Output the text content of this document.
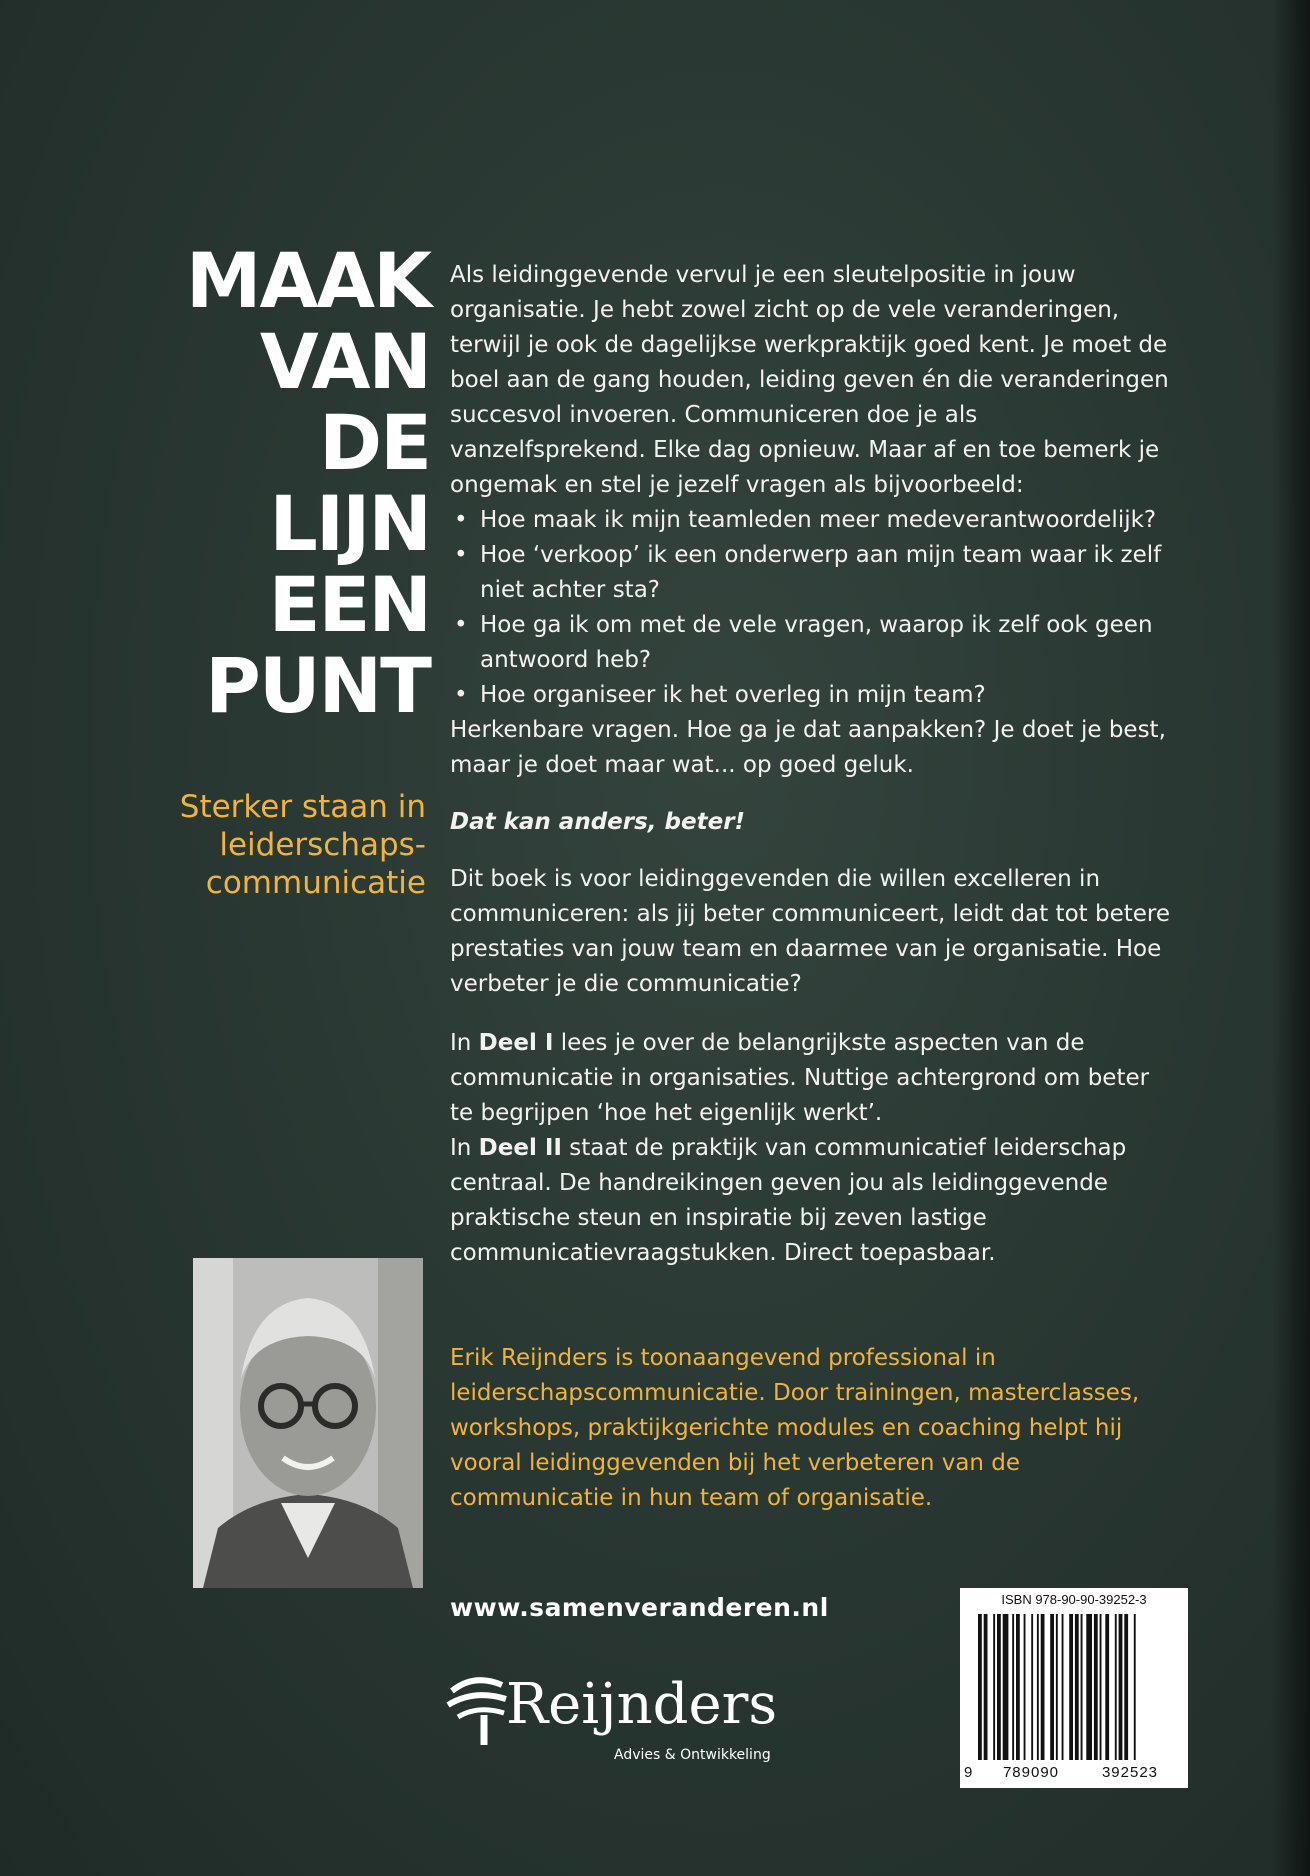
MAAK
VAN
DE
LIJN
EEN
PUNT
Sterker staan in
leiderschaps-
communicatie

Als leidinggevende vervul je een sleutelpositie in jouw organisatie. Je hebt zowel zicht op de vele veranderingen, terwijl je ook de dagelijkse werkpraktijk goed kent. Je moet de boel aan de gang houden, leiding geven én die veranderingen succesvol invoeren. Communiceren doe je als vanzelfsprekend. Elke dag opnieuw. Maar af en toe bemerk je ongemak en stel je jezelf vragen als bijvoorbeeld:

• Hoe maak ik mijn teamleden meer medeverantwoordelijk?
• Hoe ‘verkoop’ ik een onderwerp aan mijn team waar ik zelf niet achter sta?
• Hoe ga ik om met de vele vragen, waarop ik zelf ook geen antwoord heb?
• Hoe organiseer ik het overleg in mijn team?

Herkenbare vragen. Hoe ga je dat aanpakken? Je doet je best, maar je doet maar wat... op goed geluk.

Dat kan anders, beter!

Dit boek is voor leidinggevenden die willen excelleren in communiceren: als jij beter communiceert, leidt dat tot betere prestaties van jouw team en daarmee van je organisatie. Hoe verbeter je die communicatie?

In Deel I lees je over de belangrijkste aspecten van de communicatie in organisaties. Nuttige achtergrond om beter te begrijpen ‘hoe het eigenlijk werkt’.

In Deel II staat de praktijk van communicatief leiderschap centraal. De handreikingen geven jou als leidinggevende praktische steun en inspiratie bij zeven lastige communicatievraagstukken. Direct toepasbaar.

Erik Reijnders is toonaangevend professional in leiderschapscommunicatie. Door trainingen, masterclasses, workshops, praktijkgerichte modules en coaching helpt hij vooral leidinggevenden bij het verbeteren van de communicatie in hun team of organisatie.

www.samenveranderen.nl
Reijnders
Advies & Ontwikkeling
ISBN 978-90-90-39252-3
9	789090	392523
